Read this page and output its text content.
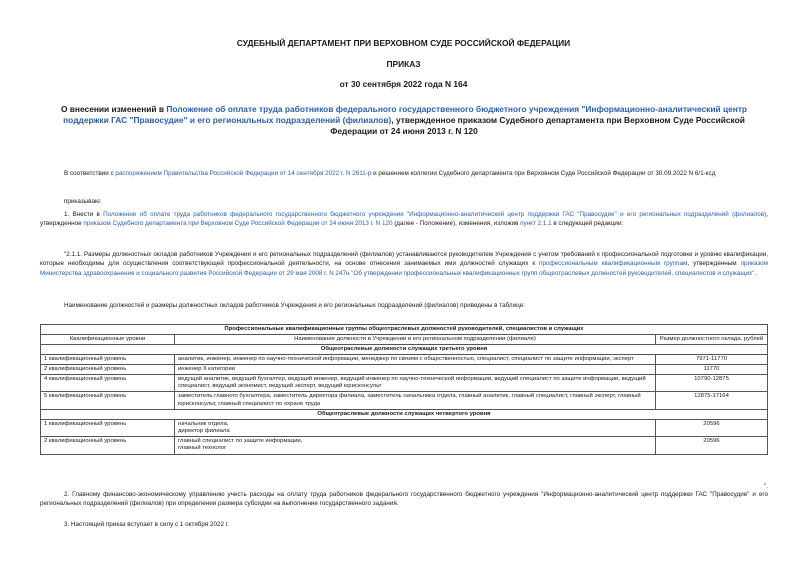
СУДЕБНЫЙ ДЕПАРТАМЕНТ ПРИ ВЕРХОВНОМ СУДЕ РОССИЙСКОЙ ФЕДЕРАЦИИ
ПРИКАЗ
от 30 сентября 2022 года N 164
О внесении изменений в Положение об оплате труда работников федерального государственного бюджетного учреждения "Информационно-аналитический центр поддержки ГАС "Правосудие" и его региональных подразделений (филиалов), утвержденное приказом Судебного департамента при Верховном Суде Российской Федерации от 24 июня 2013 г. N 120
В соответствии с распоряжением Правительства Российской Федерации от 14 сентября 2022 г. N 2611-р и решением коллегии Судебного департамента при Верховном Суде Российской Федерации от 30.09.2022 N 6/1-ксд
приказываю:
1. Внести в Положение об оплате труда работников федерального государственного бюджетного учреждения "Информационно-аналитический центр поддержки ГАС "Правосудие" и его региональных подразделений (филиалов), утвержденное приказом Судебного департамента при Верховном Суде Российской Федерации от 24 июня 2013 г. N 120 (далее - Положение), изменения, изложив пункт 2.1.1 в следующей редакции:
"2.1.1. Размеры должностных окладов работников Учреждения и его региональных подразделений (филиалов) устанавливаются руководителем Учреждения с учетом требований к профессиональной подготовке и уровню квалификации, которые необходимы для осуществления соответствующей профессиональной деятельности, на основе отнесения занимаемых ими должностей служащих к профессиональным квалификационным группам, утвержденным приказом Министерства здравоохранения и социального развития Российской Федерации от 29 мая 2008 г. N 247н "Об утверждении профессиональных квалификационных групп общеотраслевых должностей руководителей, специалистов и служащих".
Наименование должностей и размеры должностных окладов работников Учреждения и его региональных подразделений (филиалов) приведены в таблице:
Профессиональные квалификационные группы общеотраслевых должностей руководителей, специалистов и служащих		
Квалификационные уровни	Наименование должности в Учреждении и его региональном подразделении (филиале)	Размер должностного оклада, рублей
Общеотраслевые должности служащих третьего уровня		
1 квалификационный уровень	аналитик, инженер, инженер по научно-технической информации, менеджер по связям с общественностью, специалист, специалист по защите информации, эксперт	7971-11770
2 квалификационный уровень	инженер II категории	11770
4 квалификационный уровень	ведущий аналитик, ведущий бухгалтер, ведущий инженер, ведущий инженер по научно-технической информации, ведущий специалист по защите информации, ведущий специалист, ведущий экономист, ведущий эксперт, ведущий юрисконсульт	10790-12875
5 квалификационный уровень	заместитель главного бухгалтера, заместитель директора филиала, заместитель начальника отдела, главный аналитик, главный специалист, главный эксперт, главный юрисконсульт, главный специалист по охране труда	12875-17164
Общеотраслевые должности служащих четвертого уровня		
1 квалификационный уровень	начальник отдела,
директор филиала	20596
2 квалификационный уровень	главный специалист по защите информации,
главный технолог	20596
".
2. Главному финансово-экономическому управлению учесть расходы на оплату труда работников федерального государственного бюджетного учреждения "Информационно-аналитический центр поддержки ГАС "Правосудие" и его региональных подразделений (филиалов) при определении размера субсидии на выполнение государственного задания.
3. Настоящий приказ вступает в силу с 1 октября 2022 г.
